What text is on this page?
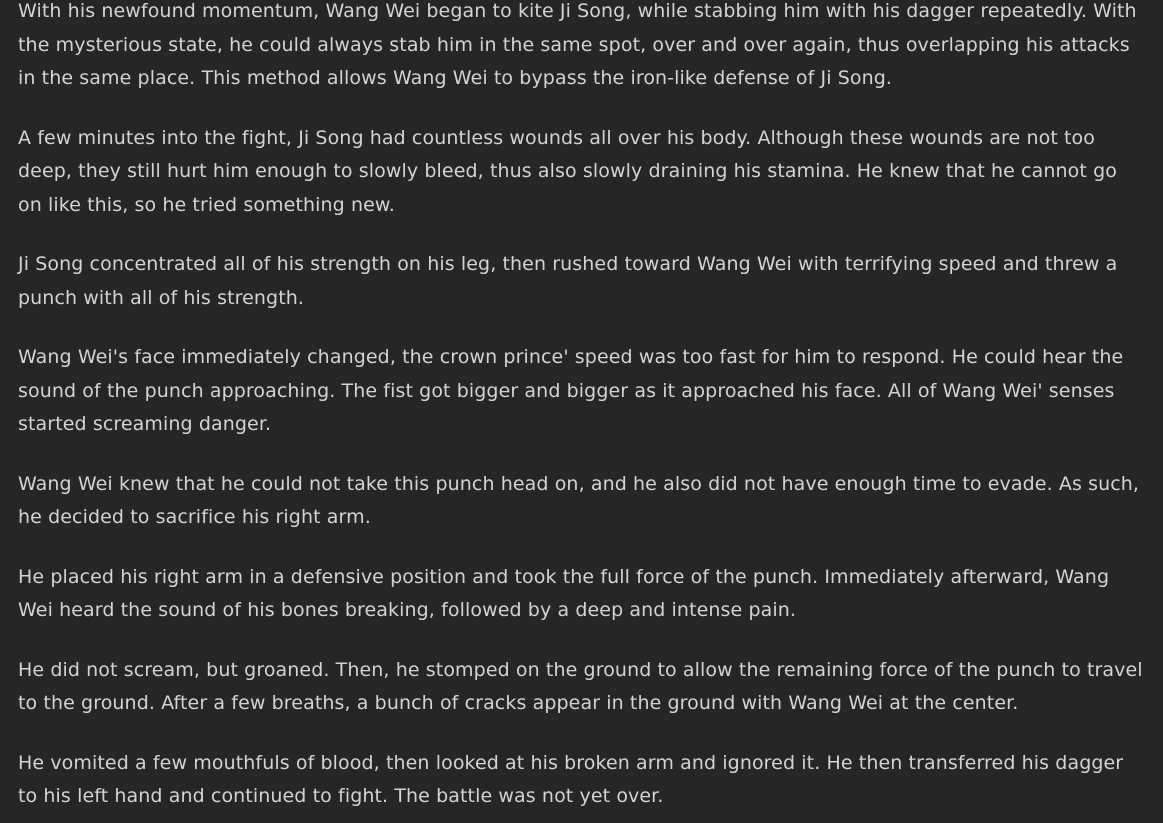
With his newfound momentum, Wang Wei began to kite Ji Song, while stabbing him with his dagger repeatedly. With the mysterious state, he could always stab him in the same spot, over and over again, thus overlapping his attacks in the same place. This method allows Wang Wei to bypass the iron-like defense of Ji Song.

A few minutes into the fight, Ji Song had countless wounds all over his body. Although these wounds are not too deep, they still hurt him enough to slowly bleed, thus also slowly draining his stamina. He knew that he cannot go on like this, so he tried something new.

Ji Song concentrated all of his strength on his leg, then rushed toward Wang Wei with terrifying speed and threw a punch with all of his strength.

Wang Wei's face immediately changed, the crown prince' speed was too fast for him to respond. He could hear the sound of the punch approaching. The fist got bigger and bigger as it approached his face. All of Wang Wei' senses started screaming danger.

Wang Wei knew that he could not take this punch head on, and he also did not have enough time to evade. As such, he decided to sacrifice his right arm.

He placed his right arm in a defensive position and took the full force of the punch. Immediately afterward, Wang Wei heard the sound of his bones breaking, followed by a deep and intense pain.

He did not scream, but groaned. Then, he stomped on the ground to allow the remaining force of the punch to travel to the ground. After a few breaths, a bunch of cracks appear in the ground with Wang Wei at the center.

He vomited a few mouthfuls of blood, then looked at his broken arm and ignored it. He then transferred his dagger to his left hand and continued to fight. The battle was not yet over.
